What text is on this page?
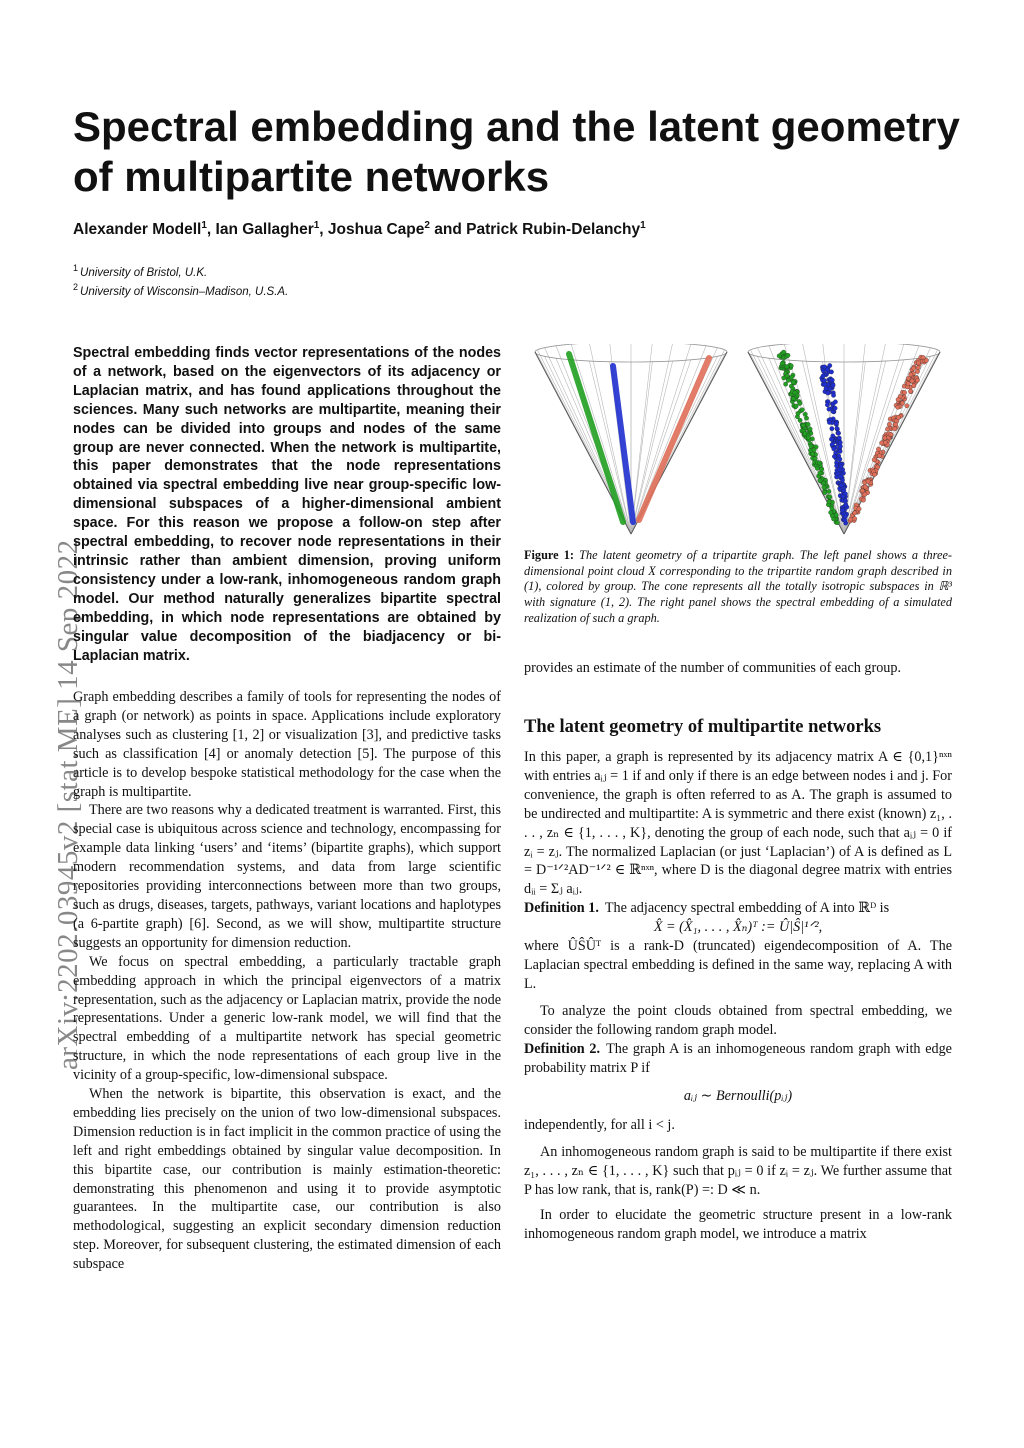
arXiv:2202.03945v2 [stat.ME] 14 Sep 2022
Spectral embedding and the latent geometry of multipartite networks
Alexander Modell$^1$, Ian Gallagher$^1$, Joshua Cape$^2$ and Patrick Rubin-Delanchy$^1$
$^1$ University of Bristol, U.K.
$^2$ University of Wisconsin–Madison, U.S.A.
Spectral embedding finds vector representations of the nodes of a network, based on the eigenvectors of its adjacency or Laplacian matrix, and has found applications throughout the sciences. Many such networks are multipartite, meaning their nodes can be divided into groups and nodes of the same group are never connected. When the network is multipartite, this paper demonstrates that the node representations obtained via spectral embedding live near group-specific low-dimensional subspaces of a higher-dimensional ambient space. For this reason we propose a follow-on step after spectral embedding, to recover node representations in their intrinsic rather than ambient dimension, proving uniform consistency under a low-rank, inhomogeneous random graph model. Our method naturally generalizes bipartite spectral embedding, in which node representations are obtained by singular value decomposition of the biadjacency or bi-Laplacian matrix.
Figure 1: The latent geometry of a tripartite graph. The left panel shows a three-dimensional point cloud X corresponding to the tripartite random graph described in (1), colored by group. The cone represents all the totally isotropic subspaces in ℝ³ with signature (1, 2). The right panel shows the spectral embedding of a simulated realization of such a graph.

Graph embedding describes a family of tools for representing the nodes of a graph (or network) as points in space. Applications include exploratory analyses such as clustering [1, 2] or visualization [3], and predictive tasks such as classification [4] or anomaly detection [5]. The purpose of this article is to develop bespoke statistical methodology for the case when the graph is multipartite.

There are two reasons why a dedicated treatment is warranted. First, this special case is ubiquitous across science and technology, encompassing for example data linking ‘users’ and ‘items’ (bipartite graphs), which support modern recommendation systems, and data from large scientific repositories providing interconnections between more than two groups, such as drugs, diseases, targets, pathways, variant locations and haplotypes (a 6-partite graph) [6]. Second, as we will show, multipartite structure suggests an opportunity for dimension reduction.

We focus on spectral embedding, a particularly tractable graph embedding approach in which the principal eigenvectors of a matrix representation, such as the adjacency or Laplacian matrix, provide the node representations. Under a generic low-rank model, we will find that the spectral embedding of a multipartite network has special geometric structure, in which the node representations of each group live in the vicinity of a group-specific, low-dimensional subspace.

When the network is bipartite, this observation is exact, and the embedding lies precisely on the union of two low-dimensional subspaces. Dimension reduction is in fact implicit in the common practice of using the left and right embeddings obtained by singular value decomposition. In this bipartite case, our contribution is mainly estimation-theoretic: demonstrating this phenomenon and using it to provide asymptotic guarantees. In the multipartite case, our contribution is also methodological, suggesting an explicit secondary dimension reduction step. Moreover, for subsequent clustering, the estimated dimension of each subspace

provides an estimate of the number of communities of each group.
The latent geometry of multipartite networks

In this paper, a graph is represented by its adjacency matrix A ∈ {0,1}ⁿˣⁿ with entries aᵢⱼ = 1 if and only if there is an edge between nodes i and j. For convenience, the graph is often referred to as A. The graph is assumed to be undirected and multipartite: A is symmetric and there exist (known) z₁, . . . , zₙ ∈ {1, . . . , K}, denoting the group of each node, such that aᵢⱼ = 0 if zᵢ = zⱼ. The normalized Laplacian (or just ‘Laplacian’) of A is defined as L = D⁻¹ᐟ²AD⁻¹ᐟ² ∈ ℝⁿˣⁿ, where D is the diagonal degree matrix with entries dᵢᵢ = Σⱼ aᵢⱼ.

Definition 1. The adjacency spectral embedding of A into ℝᴰ is

X̂ = (X̂₁, . . . , X̂ₙ)ᵀ := Û|Ŝ|¹ᐟ²,

where ÛŜÛᵀ is a rank-D (truncated) eigendecomposition of A. The Laplacian spectral embedding is defined in the same way, replacing A with L.

To analyze the point clouds obtained from spectral embedding, we consider the following random graph model.

Definition 2. The graph A is an inhomogeneous random graph with edge probability matrix P if

aᵢⱼ ∼ Bernoulli(pᵢⱼ)

independently, for all i < j.

An inhomogeneous random graph is said to be multipartite if there exist z₁, . . . , zₙ ∈ {1, . . . , K} such that pᵢⱼ = 0 if zᵢ = zⱼ. We further assume that P has low rank, that is, rank(P) =: D ≪ n.

In order to elucidate the geometric structure present in a low-rank inhomogeneous random graph model, we introduce a matrix
